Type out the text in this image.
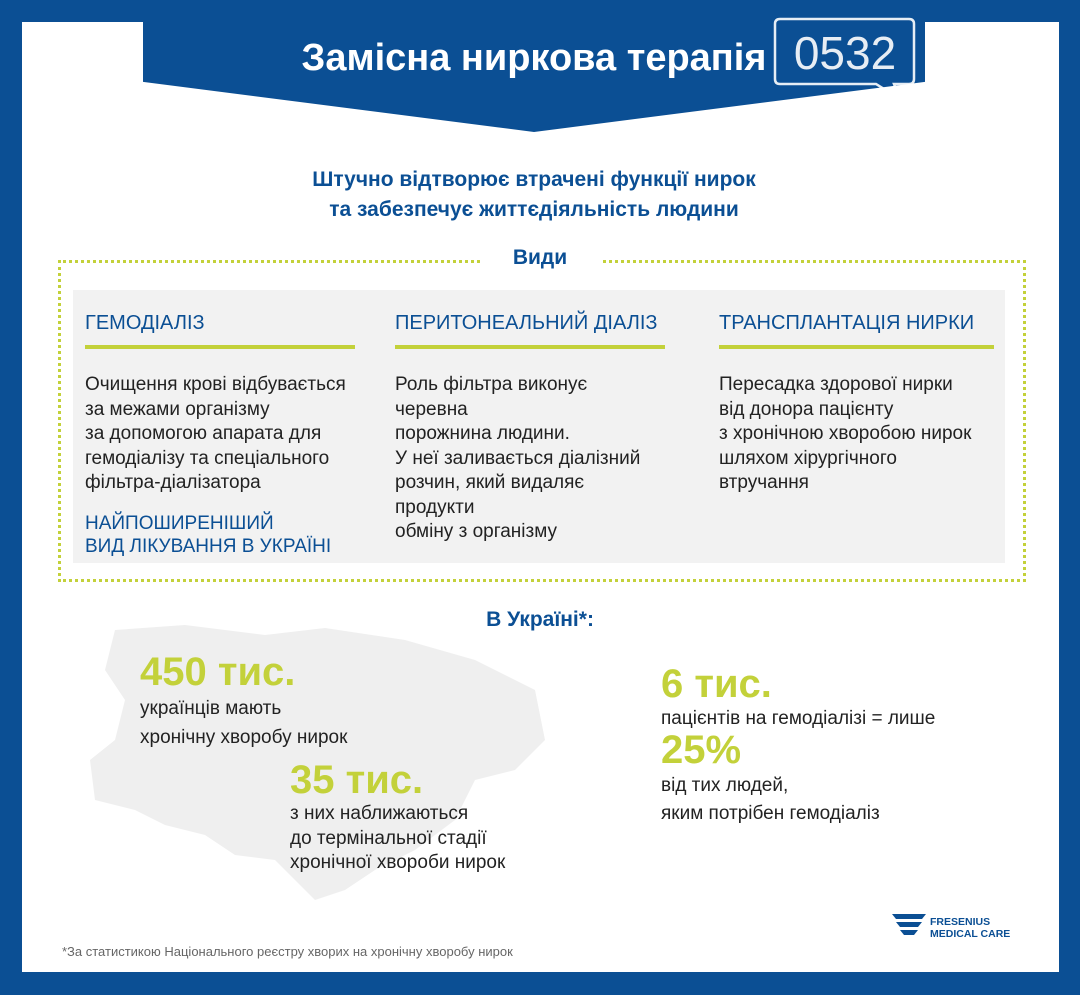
Замісна ниркова терапія 0532	ua

Штучно відтворює втрачені функції нирок
та забезпечує життєдіяльність людини

Види
ГЕМОДІАЛІЗ
Очищення крові відбувається
за межами організму
за допомогою апарата для
гемодіалізу та спеціального
фільтра-діалізатора
НАЙПОШИРЕНІШИЙ
ВИД ЛІКУВАННЯ В УКРАЇНІ
ПЕРИТОНЕАЛЬНИЙ ДІАЛІЗ
Роль фільтра виконує черевна
порожнина людини.
У неї заливається діалізний
розчин, який видаляє продукти
обміну з організму
ТРАНСПЛАНТАЦІЯ НИРКИ
Пересадка здорової нирки
від донора пацієнту
з хронічною хворобою нирок
шляхом хірургічного
втручання
В Україні*:
450 тис.
українців мають
хронічну хворобу нирок
35 тис.
з них наближаються
до термінальної стадії
хронічної хвороби нирок
6 тис.
пацієнтів на гемодіалізі = лише
25%
від тих людей,
яким потрібен гемодіаліз
FRESENIUS
MEDICAL CARE

*За статистикою Національного реєстру хворих на хронічну хворобу нирок
